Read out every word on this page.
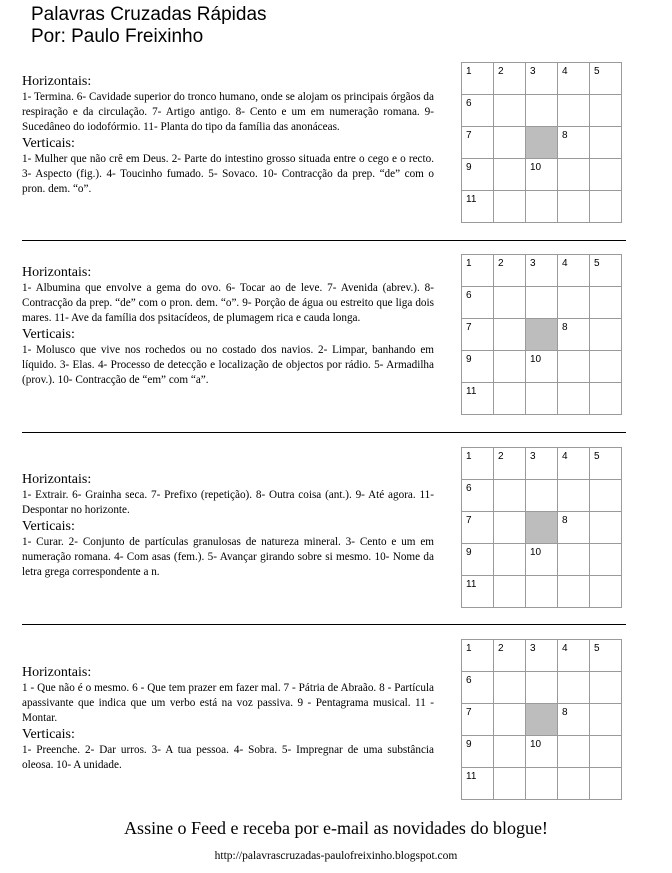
Palavras Cruzadas Rápidas
Por: Paulo Freixinho
Horizontais:

1- Termina. 6- Cavidade superior do tronco humano, onde se alojam os principais órgãos da respiração e da circulação. 7- Artigo antigo. 8- Cento e um em numeração romana. 9- Sucedâneo do iodofórmio. 11- Planta do tipo da família das anonáceas.

Verticais:

1- Mulher que não crê em Deus. 2- Parte do intestino grosso situada entre o cego e o recto. 3- Aspecto (fig.). 4- Toucinho fumado. 5- Sovaco. 10- Contracção da prep. “de” com o pron. dem. “o”.

1	2	3	4	5

6				

7			8	

9		10		

11				

Horizontais:

1- Albumina que envolve a gema do ovo. 6- Tocar ao de leve. 7- Avenida (abrev.). 8- Contracção da prep. “de” com o pron. dem. “o”. 9- Porção de água ou estreito que liga dois mares. 11- Ave da família dos psitacídeos, de plumagem rica e cauda longa.

Verticais:

1- Molusco que vive nos rochedos ou no costado dos navios. 2- Limpar, banhando em líquido. 3- Elas. 4- Processo de detecção e localização de objectos por rádio. 5- Armadilha (prov.). 10- Contracção de “em” com “a”.

1	2	3	4	5

6				

7			8	

9		10		

11				

Horizontais:

1- Extrair. 6- Grainha seca. 7- Prefixo (repetição). 8- Outra coisa (ant.). 9- Até agora. 11- Despontar no horizonte.

Verticais:

1- Curar. 2- Conjunto de partículas granulosas de natureza mineral. 3- Cento e um em numeração romana. 4- Com asas (fem.). 5- Avançar girando sobre si mesmo. 10- Nome da letra grega correspondente a n.

1	2	3	4	5

6				

7			8	

9		10		

11				

Horizontais:

1 - Que não é o mesmo. 6 - Que tem prazer em fazer mal. 7 - Pátria de Abraão. 8 - Partícula apassivante que indica que um verbo está na voz passiva. 9 - Pentagrama musical. 11 - Montar.

Verticais:

1- Preenche. 2- Dar urros. 3- A tua pessoa. 4- Sobra. 5- Impregnar de uma substância oleosa. 10- A unidade.

1	2	3	4	5

6				

7			8	

9		10		

11				

Assine o Feed e receba por e-mail as novidades do blogue!
http://palavrascruzadas-paulofreixinho.blogspot.com
